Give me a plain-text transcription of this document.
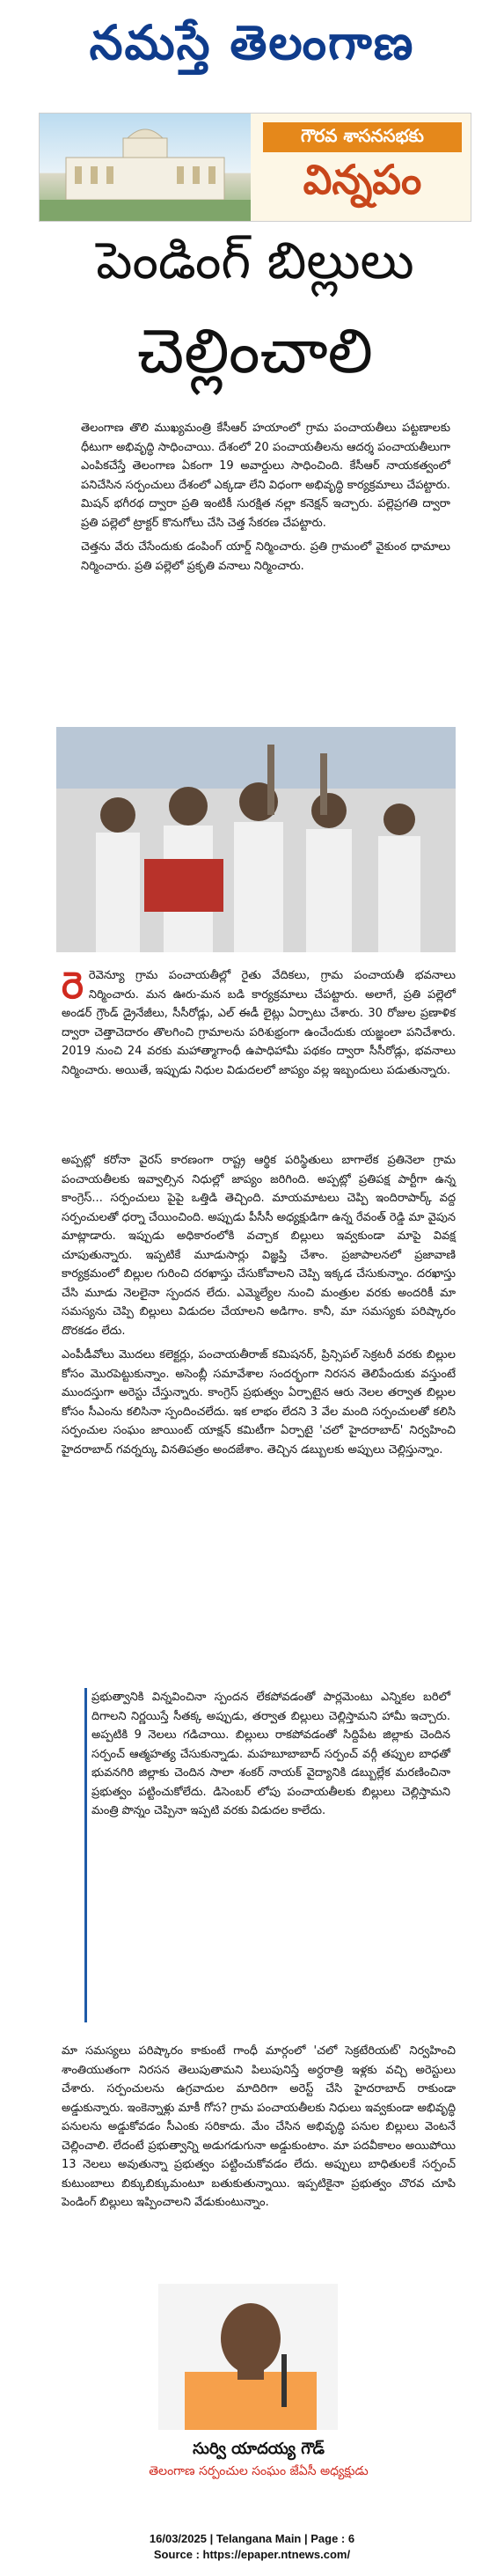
నమస్తే తెలంగాణ
గౌరవ శాసనసభకు
విన్నపం
పెండింగ్ బిల్లులు
చెల్లించాలి

తెలంగాణ తొలి ముఖ్యమంత్రి కేసీఆర్ హయాంలో గ్రామ పంచాయతీలు పట్టణాలకు ధీటుగా అభివృద్ధి సాధించాయి. దేశంలో 20 పంచాయతీలను ఆదర్శ పంచాయతీలుగా ఎంపికచేస్తే తెలంగాణ ఏకంగా 19 అవార్డులు సాధించింది. కేసీఆర్ నాయకత్వంలో పనిచేసిన సర్పంచులు దేశంలో ఎక్కడా లేని విధంగా అభివృద్ధి కార్యక్రమాలు చేపట్టారు. మిషన్ భగీరథ ద్వారా ప్రతి ఇంటికీ సురక్షిత నల్లా కనెక్షన్ ఇచ్చారు. పల్లెప్రగతి ద్వారా ప్రతి పల్లెలో ట్రాక్టర్ కొనుగోలు చేసి చెత్త సేకరణ చేపట్టారు.

చెత్తను వేరు చేసేందుకు డంపింగ్ యార్డ్ నిర్మించారు. ప్రతి గ్రామంలో వైకుంఠ ధామాలు నిర్మించారు. ప్రతి పల్లెలో ప్రకృతి వనాలు నిర్మించారు.

రెరెవెన్యూ గ్రామ పంచాయతీల్లో రైతు వేదికలు, గ్రామ పంచాయతీ భవనాలు నిర్మించారు. మన ఊరు-మన బడి కార్యక్రమాలు చేపట్టారు. అలాగే, ప్రతి పల్లెలో అండర్ గ్రౌండ్ డ్రైనేజీలు, సీసీరోడ్లు, ఎల్ ఈడీ లైట్లు ఏర్పాటు చేశారు. 30 రోజుల ప్రణాళిక ద్వారా చెత్తాచెదారం తొలగించి గ్రామాలను పరిశుభ్రంగా ఉంచేందుకు యజ్ఞంలా పనిచేశారు. 2019 నుంచి 24 వరకు మహాత్మాగాంధీ ఉపాధిహామీ పథకం ద్వారా సీసీరోడ్లు, భవనాలు నిర్మించారు. అయితే, ఇప్పుడు నిధుల విడుదలలో జాప్యం వల్ల ఇబ్బందులు పడుతున్నారు.

అప్పట్లో కరోనా వైరస్ కారణంగా రాష్ట్ర ఆర్థిక పరిస్థితులు బాగాలేక ప్రతినెలా గ్రామ పంచాయతీలకు ఇవ్వాల్సిన నిధుల్లో జాప్యం జరిగింది. అప్పట్లో ప్రతిపక్ష పార్టీగా ఉన్న కాంగ్రెస్... సర్పంచులు పైపై ఒత్తిడి తెచ్చింది. మాయమాటలు చెప్పి ఇందిరాపార్క్ వద్ద సర్పంచులతో ధర్నా చేయించింది. అప్పుడు పీసీసీ అధ్యక్షుడిగా ఉన్న రేవంత్ రెడ్డి మా వైపున మాట్లాడారు. ఇప్పుడు అధికారంలోకి వచ్చాక బిల్లులు ఇవ్వకుండా మాపై వివక్ష చూపుతున్నారు. ఇప్పటికే మూడుసార్లు విజ్ఞప్తి చేశాం. ప్రజాపాలనలో ప్రజావాణి కార్యక్రమంలో బిల్లుల గురించి దరఖాస్తు చేసుకోవాలని చెప్పి ఇక్కడ చేసుకున్నాం. దరఖాస్తు చేసి మూడు నెలలైనా స్పందన లేదు. ఎమ్మెల్యేల నుంచి మంత్రుల వరకు అందరికీ మా సమస్యను చెప్పి బిల్లులు విడుదల చేయాలని అడిగాం. కానీ, మా సమస్యకు పరిష్కారం దొరకడం లేదు.

ఎంపీడీవోలు మొదలు కలెక్టర్లు, పంచాయతీరాజ్ కమిషనర్, ప్రిన్సిపల్ సెక్రటరీ వరకు బిల్లుల కోసం మొరపెట్టుకున్నాం. అసెంబ్లీ సమావేశాల సందర్భంగా నిరసన తెలిపేందుకు వస్తుంటే ముందస్తుగా అరెస్టు చేస్తున్నారు. కాంగ్రెస్ ప్రభుత్వం ఏర్పాటైన ఆరు నెలల తర్వాత బిల్లుల కోసం సీఎంను కలిసినా స్పందించలేదు. ఇక లాభం లేదని 3 వేల మంది సర్పంచులతో కలిసి సర్పంచుల సంఘం జాయింట్ యాక్షన్ కమిటీగా ఏర్పాటై 'చలో హైదరాబాద్' నిర్వహించి హైదరాబాద్ గవర్నర్కు వినతిపత్రం అందజేశాం. తెచ్చిన డబ్బులకు అప్పులు చెల్లిస్తున్నాం.

ప్రభుత్వానికి విన్నవించినా స్పందన లేకపోవడంతో పార్లమెంటు ఎన్నికల బరిలో దిగాలని నిర్ణయిస్తే సీతక్క అప్పుడు, తర్వాత బిల్లులు చెల్లిస్తామని హామీ ఇచ్చారు. అప్పటికి 9 నెలలు గడిచాయి. బిల్లులు రాకపోవడంతో సిద్దిపేట జిల్లాకు చెందిన సర్పంచ్ ఆత్మహత్య చేసుకున్నాడు. మహబూబాబాద్ సర్పంచ్ వర్గీ తప్పుల బాధతో భువనగిరి జిల్లాకు చెందిన సాలా శంకర్ నాయక్ వైద్యానికి డబ్బుల్లేక మరణించినా ప్రభుత్వం పట్టించుకోలేదు. డిసెంబర్ లోపు పంచాయతీలకు బిల్లులు చెల్లిస్తామని మంత్రి పొన్నం చెప్పినా ఇప్పటి వరకు విడుదల కాలేదు.

మా సమస్యలు పరిష్కారం కాకుంటే గాంధీ మార్గంలో 'చలో సెక్రటేరియట్' నిర్వహించి శాంతియుతంగా నిరసన తెలుపుతామని పిలుపునిస్తే అర్ధరాత్రి ఇళ్లకు వచ్చి అరెస్టులు చేశారు. సర్పంచులను ఉగ్రవాదుల మాదిరిగా అరెస్ట్ చేసి హైదరాబాద్ రాకుండా అడ్డుకున్నారు. ఇంకెన్నాళ్లు మాకీ గోస? గ్రామ పంచాయతీలకు నిధులు ఇవ్వకుండా అభివృద్ధి పనులను అడ్డుకోవడం సీఎంకు సరికాదు. మేం చేసిన అభివృద్ధి పనుల బిల్లులు వెంటనే చెల్లించాలి. లేదంటే ప్రభుత్వాన్ని అడుగడుగునా అడ్డుకుంటాం. మా పదవీకాలం అయిపోయి 13 నెలలు అవుతున్నా ప్రభుత్వం పట్టించుకోవడం లేదు. అప్పులు బాధితులకే సర్పంచ్ కుటుంబాలు బిక్కుబిక్కుమంటూ బతుకుతున్నాయి. ఇప్పటికైనా ప్రభుత్వం చొరవ చూపి పెండింగ్ బిల్లులు ఇప్పించాలని వేడుకుంటున్నాం.

సుర్వి యాదయ్య గౌడ్
తెలంగాణ సర్పంచుల సంఘం జేఏసీ అధ్యక్షుడు
16/03/2025 | Telangana Main | Page : 6
Source : https://epaper.ntnews.com/
